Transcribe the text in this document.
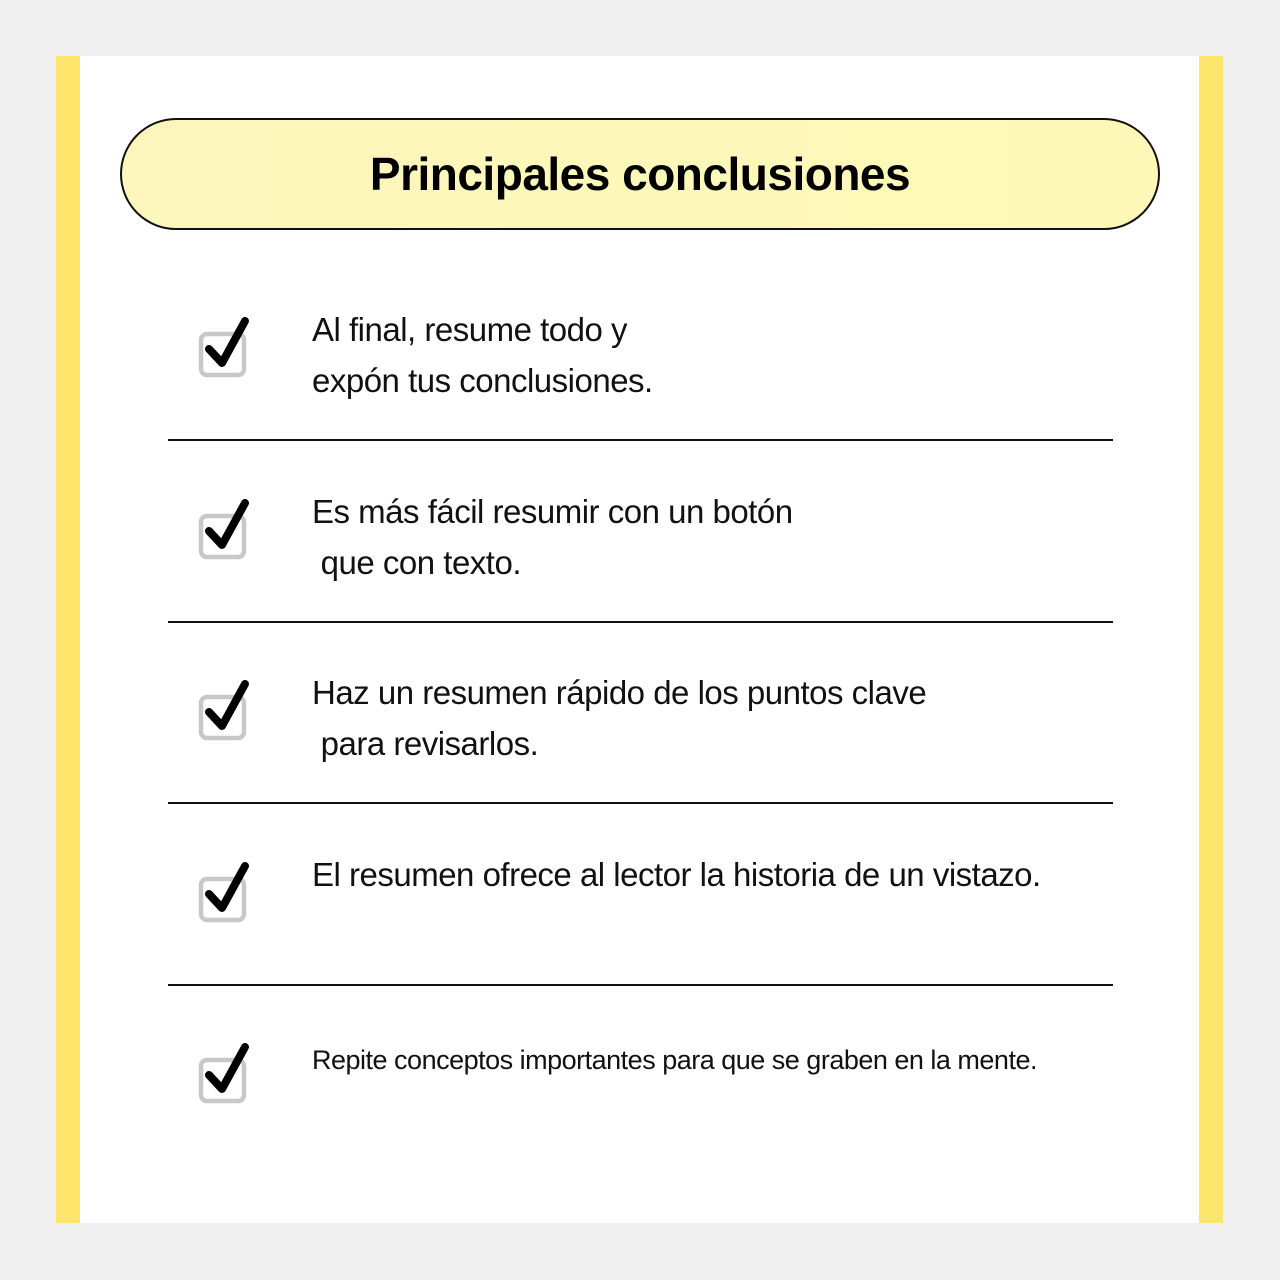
Principales conclusiones
Al final, resume todo y
expón tus conclusiones.
Es más fácil resumir con un botón
que con texto.
Haz un resumen rápido de los puntos clave
para revisarlos.
El resumen ofrece al lector la historia de un vistazo.
Repite conceptos importantes para que se graben en la mente.
